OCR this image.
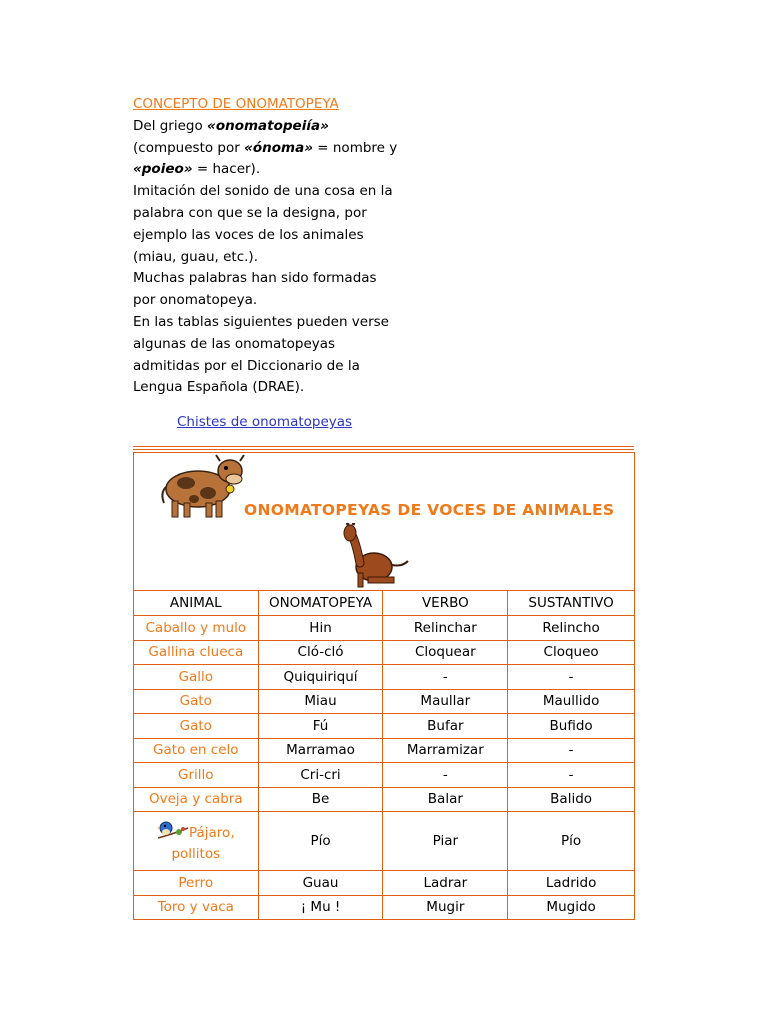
CONCEPTO DE ONOMATOPEYA
Del griego «onomatopeiía»
(compuesto por «ónoma» = nombre y
«poieo» = hacer).
Imitación del sonido de una cosa en la palabra con que se la designa, por ejemplo las voces de los animales (miau, guau, etc.).
Muchas palabras han sido formadas por onomatopeya.
En las tablas siguientes pueden verse algunas de las onomatopeyas admitidas por el Diccionario de la Lengua Española (DRAE).
Chistes de onomatopeyas
ONOMATOPEYAS DE VOCES DE ANIMALES			

ANIMAL	ONOMATOPEYA	VERBO	SUSTANTIVO
Caballo y mulo	Hin	Relinchar	Relincho
Gallina clueca	Cló-cló	Cloquear	Cloqueo
Gallo	Quiquiriquí	-	-
Gato	Miau	Maullar	Maullido
Gato	Fú	Bufar	Bufido
Gato en celo	Marramao	Marramizar	-
Grillo	Cri-cri	-	-
Oveja y cabra	Be	Balar	Balido
Pájaro, pollitos	Pío	Piar	Pío
Perro	Guau	Ladrar	Ladrido
Toro y vaca	¡ Mu !	Mugir	Mugido
